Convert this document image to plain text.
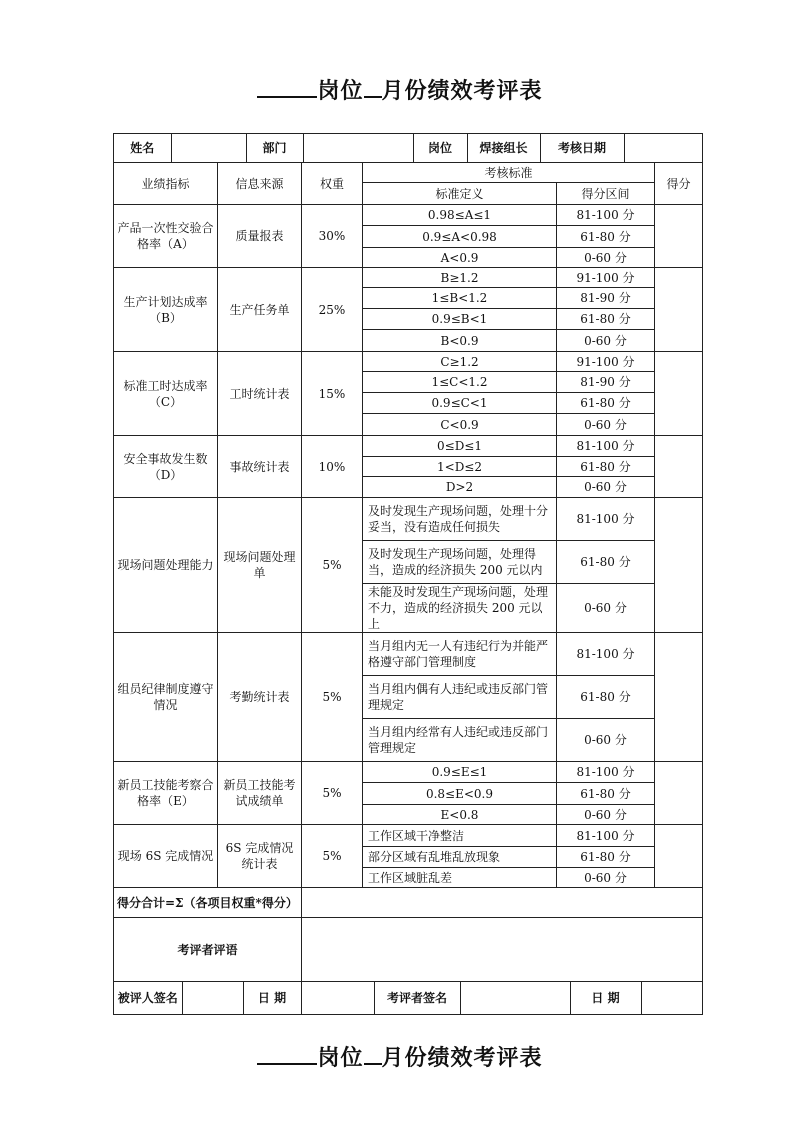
岗位 月份绩效考评表
姓名		部门		岗位	焊接组长	考核日期	

业绩指标	信息来源	权重	考核标准	得分
标准定义	得分区间
产品一次性交验合格率（A）	质量报表	30%	0.98≤A≤1	81-100 分	
0.9≤A<0.98	61-80 分
A<0.9	0-60 分
生产计划达成率（B）	生产任务单	25%	B≥1.2	91-100 分	
1≤B<1.2	81-90 分
0.9≤B<1	61-80 分
B<0.9	0-60 分
标准工时达成率（C）	工时统计表	15%	C≥1.2	91-100 分	
1≤C<1.2	81-90 分
0.9≤C<1	61-80 分
C<0.9	0-60 分
安全事故发生数（D）	事故统计表	10%	0≤D≤1	81-100 分	
1<D≤2	61-80 分
D>2	0-60 分
现场问题处理能力	现场问题处理单	5%	及时发现生产现场问题，处理十分妥当，没有造成任何损失	81-100 分	
及时发现生产现场问题，处理得当，造成的经济损失 200 元以内	61-80 分
未能及时发现生产现场问题，处理不力，造成的经济损失 200 元以上	0-60 分
组员纪律制度遵守情况	考勤统计表	5%	当月组内无一人有违纪行为并能严格遵守部门管理制度	81-100 分	
当月组内偶有人违纪或违反部门管理规定	61-80 分
当月组内经常有人违纪或违反部门管理规定	0-60 分
新员工技能考察合格率（E）	新员工技能考试成绩单	5%	0.9≤E≤1	81-100 分	
0.8≤E<0.9	61-80 分
E<0.8	0-60 分
现场 6S 完成情况	6S 完成情况统计表	5%	工作区域干净整洁	81-100 分	
部分区域有乱堆乱放现象	61-80 分
工作区域脏乱差	0-60 分
得分合计=Σ（各项目权重*得分）	
考评者评语	

被评人签名		日 期		考评者签名		日 期	
岗位 月份绩效考评表
